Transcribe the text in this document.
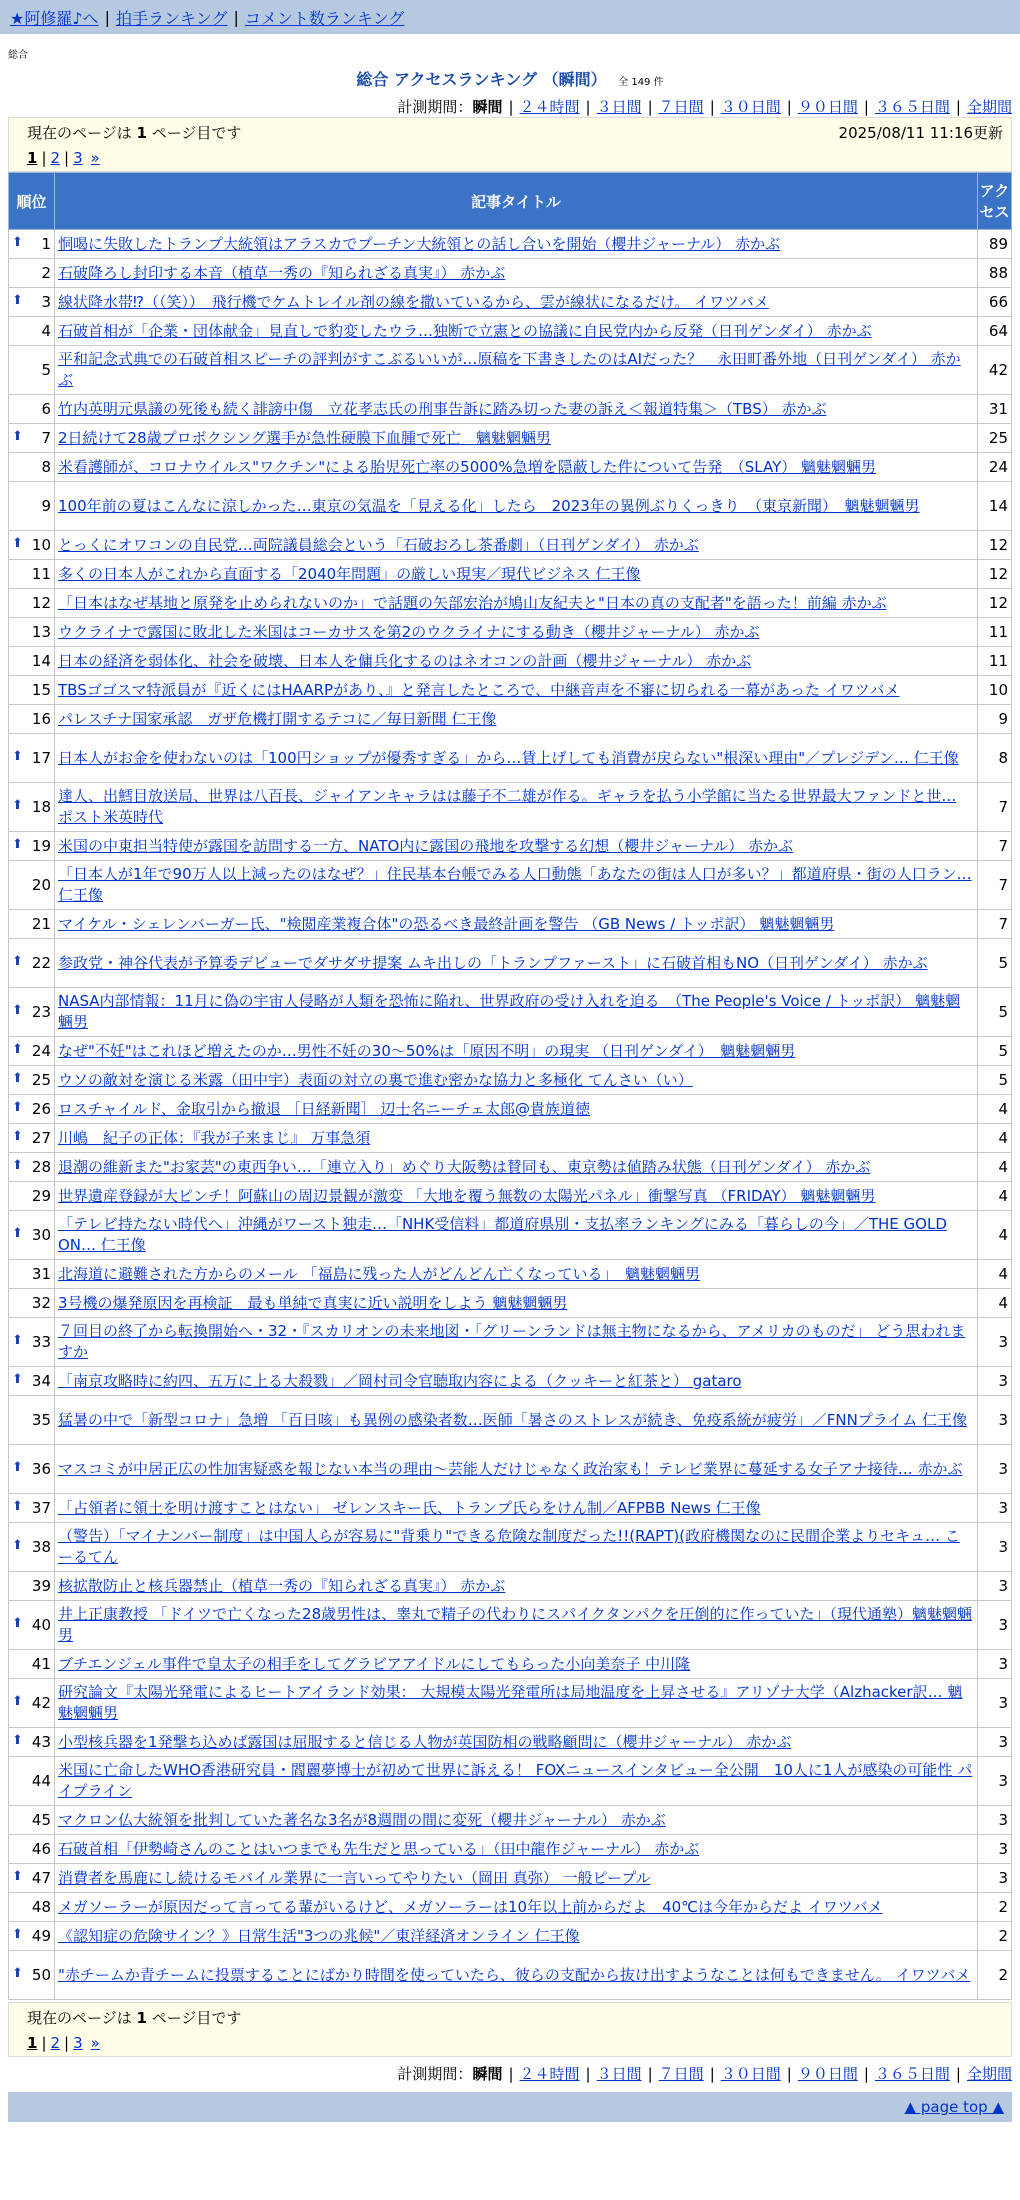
★阿修羅♪へ | 拍手ランキング | コメント数ランキング
総合
総合 アクセスランキング （瞬間） 全 149 件
計測期間：瞬間 | ２４時間 | ３日間 | ７日間 | ３０日間 | ９０日間 | ３６５日間 | 全期間
現在のページは 1 ページ目です	2025/08/11 11:16更新
1 | 2 | 3 »
順位	記事タイトル	アクセス

⬆ 1	恫喝に失敗したトランプ大統領はアラスカでプーチン大統領との話し合いを開始（櫻井ジャーナル） 赤かぶ	89
2	石破降ろし封印する本音（植草一秀の『知られざる真実』） 赤かぶ	88

⬆ 3	線状降水帯⁉（（笑））　飛行機でケムトレイル剤の線を撒いているから、雲が線状になるだけ。 イワツバメ	66
4	石破首相が「企業・団体献金」見直しで豹変したウラ…独断で立憲との協議に自民党内から反発（日刊ゲンダイ） 赤かぶ	64
5	平和記念式典での石破首相スピーチの評判がすこぶるいいが…原稿を下書きしたのはAIだった？　永田町番外地（日刊ゲンダイ） 赤かぶ	42
6	竹内英明元県議の死後も続く誹謗中傷　立花孝志氏の刑事告訴に踏み切った妻の訴え＜報道特集＞（TBS） 赤かぶ	31

⬆ 7	2日続けて28歳プロボクシング選手が急性硬膜下血腫で死亡　魑魅魍魎男	25
8	米看護師が、コロナウイルス"ワクチン"による胎児死亡率の5000%急増を隠蔽した件について告発　（SLAY） 魑魅魍魎男	24
9	100年前の夏はこんなに涼しかった…東京の気温を「見える化」したら　2023年の異例ぶりくっきり　（東京新聞）　魑魅魍魎男	14

⬆ 10	とっくにオワコンの自民党…両院議員総会という「石破おろし茶番劇」（日刊ゲンダイ） 赤かぶ	12
11	多くの日本人がこれから直面する「2040年問題」の厳しい現実／現代ビジネス 仁王像	12
12	「日本はなぜ基地と原発を止められないのか」で話題の矢部宏治が鳩山友紀夫と"日本の真の支配者"を語った！前編 赤かぶ	12
13	ウクライナで露国に敗北した米国はコーカサスを第2のウクライナにする動き（櫻井ジャーナル） 赤かぶ	11
14	日本の経済を弱体化、社会を破壊、日本人を傭兵化するのはネオコンの計画（櫻井ジャーナル） 赤かぶ	11
15	TBSゴゴスマ特派員が『近くにはHAARPがあり、』と発言したところで、中継音声を不審に切られる一幕があった イワツバメ	10
16	パレスチナ国家承認　ガザ危機打開するテコに／毎日新聞 仁王像	9

⬆ 17	日本人がお金を使わないのは「100円ショップが優秀すぎる」から…賃上げしても消費が戻らない"根深い理由"／プレジデン… 仁王像	8

⬆ 18	達人、出鱈目放送局、世界は八百長、ジャイアンキャラはは藤子不二雄が作る。ギャラを払う小学館に当たる世界最大ファンドと世… ポスト米英時代	7

⬆ 19	米国の中東担当特使が露国を訪問する一方、NATO内に露国の飛地を攻撃する幻想（櫻井ジャーナル） 赤かぶ	7
20	「日本人が1年で90万人以上減ったのはなぜ？」住民基本台帳でみる人口動態「あなたの街は人口が多い？」都道府県・街の人口ラン… 仁王像	7
21	マイケル・シェレンバーガー氏、"検閲産業複合体"の恐るべき最終計画を警告 （GB News / トッポ訳） 魑魅魍魎男	7

⬆ 22	参政党・神谷代表が予算委デビューでダサダサ提案 ムキ出しの「トランプファースト」に石破首相もNO（日刊ゲンダイ） 赤かぶ	5

⬆ 23	NASA内部情報：11月に偽の宇宙人侵略が人類を恐怖に陥れ、世界政府の受け入れを迫る　（The People's Voice / トッポ訳） 魑魅魍魎男	5

⬆ 24	なぜ"不妊"はこれほど増えたのか…男性不妊の30～50%は「原因不明」の現実 （日刊ゲンダイ）　魑魅魍魎男	5

⬆ 25	ウソの敵対を演じる米露（田中宇）表面の対立の裏で進む密かな協力と多極化 てんさい（い）	5

⬆ 26	ロスチャイルド、金取引から撤退 ［日経新聞］ 辺士名ニーチェ太郎@貴族道徳	4

⬆ 27	川嶋　紀子の正体：『我が子来まじ』 万事急須	4

⬆ 28	退潮の維新また"お家芸"の東西争い…「連立入り」めぐり大阪勢は賛同も、東京勢は値踏み状態（日刊ゲンダイ） 赤かぶ	4
29	世界遺産登録が大ピンチ！阿蘇山の周辺景観が激変 「大地を覆う無数の太陽光パネル」衝撃写真 （FRIDAY） 魑魅魍魎男	4

⬆ 30	「テレビ持たない時代へ」沖縄がワースト独走…「NHK受信料」都道府県別・支払率ランキングにみる「暮らしの今」／THE GOLD ON… 仁王像	4
31	北海道に避難された方からのメール 「福島に残った人がどんどん亡くなっている」　魑魅魍魎男	4
32	3号機の爆発原因を再検証　最も単純で真実に近い説明をしよう 魑魅魍魎男	4

⬆ 33	７回目の終了から転換開始へ・32・『スカリオンの未来地図・「グリーンランドは無主物になるから、アメリカのものだ」 どう思われますか	3

⬆ 34	「南京攻略時に約四、五万に上る大殺戮」／岡村司令官聴取内容による（クッキーと紅茶と） gataro	3
35	猛暑の中で「新型コロナ」急増 「百日咳」も異例の感染者数…医師「暑さのストレスが続き、免疫系統が疲労」／FNNプライム 仁王像	3

⬆ 36	マスコミが中居正広の性加害疑惑を報じない本当の理由～芸能人だけじゃなく政治家も！テレビ業界に蔓延する女子アナ接待… 赤かぶ	3

⬆ 37	「占領者に領土を明け渡すことはない」 ゼレンスキー氏、トランプ氏らをけん制／AFPBB News 仁王像	3

⬆ 38	（警告）「マイナンバー制度」は中国人らが容易に"背乗り"できる危険な制度だった!!(RAPT)(政府機関なのに民間企業よりセキュ… こーるてん	3
39	核拡散防止と核兵器禁止（植草一秀の『知られざる真実』） 赤かぶ	3

⬆ 40	井上正康教授 「ドイツで亡くなった28歳男性は、睾丸で精子の代わりにスパイクタンパクを圧倒的に作っていた」（現代通塾）魑魅魍魎男	3
41	ブチエンジェル事件で皇太子の相手をしてグラビアアイドルにしてもらった小向美奈子 中川隆	3

⬆ 42	研究論文『太陽光発電によるヒートアイランド効果： 大規模太陽光発電所は局地温度を上昇させる』アリゾナ大学（Alzhacker訳… 魑魅魍魎男	3

⬆ 43	小型核兵器を1発撃ち込めば露国は屈服すると信じる人物が英国防相の戦略顧問に（櫻井ジャーナル） 赤かぶ	3
44	米国に亡命したWHO香港研究員・閻麗夢博士が初めて世界に訴える！ FOXニュースインタビュー全公開　10人に1人が感染の可能性 パイプライン	3
45	マクロン仏大統領を批判していた著名な3名が8週間の間に変死（櫻井ジャーナル） 赤かぶ	3
46	石破首相「伊勢崎さんのことはいつまでも先生だと思っている」（田中龍作ジャーナル） 赤かぶ	3

⬆ 47	消費者を馬鹿にし続けるモバイル業界に一言いってやりたい（岡田 真弥） 一般ピープル	3
48	メガソーラーが原因だって言ってる輩がいるけど、メガソーラーは10年以上前からだよ　40℃は今年からだよ イワツバメ	2

⬆ 49	《認知症の危険サイン？》日常生活"3つの兆候"／東洋経済オンライン 仁王像	2

⬆ 50	"赤チームか青チームに投票することにばかり時間を使っていたら、彼らの支配から抜け出すようなことは何もできません。 イワツバメ	2
現在のページは 1 ページ目です
1 | 2 | 3 »
計測期間：瞬間 | ２４時間 | ３日間 | ７日間 | ３０日間 | ９０日間 | ３６５日間 | 全期間
▲ page top ▲
